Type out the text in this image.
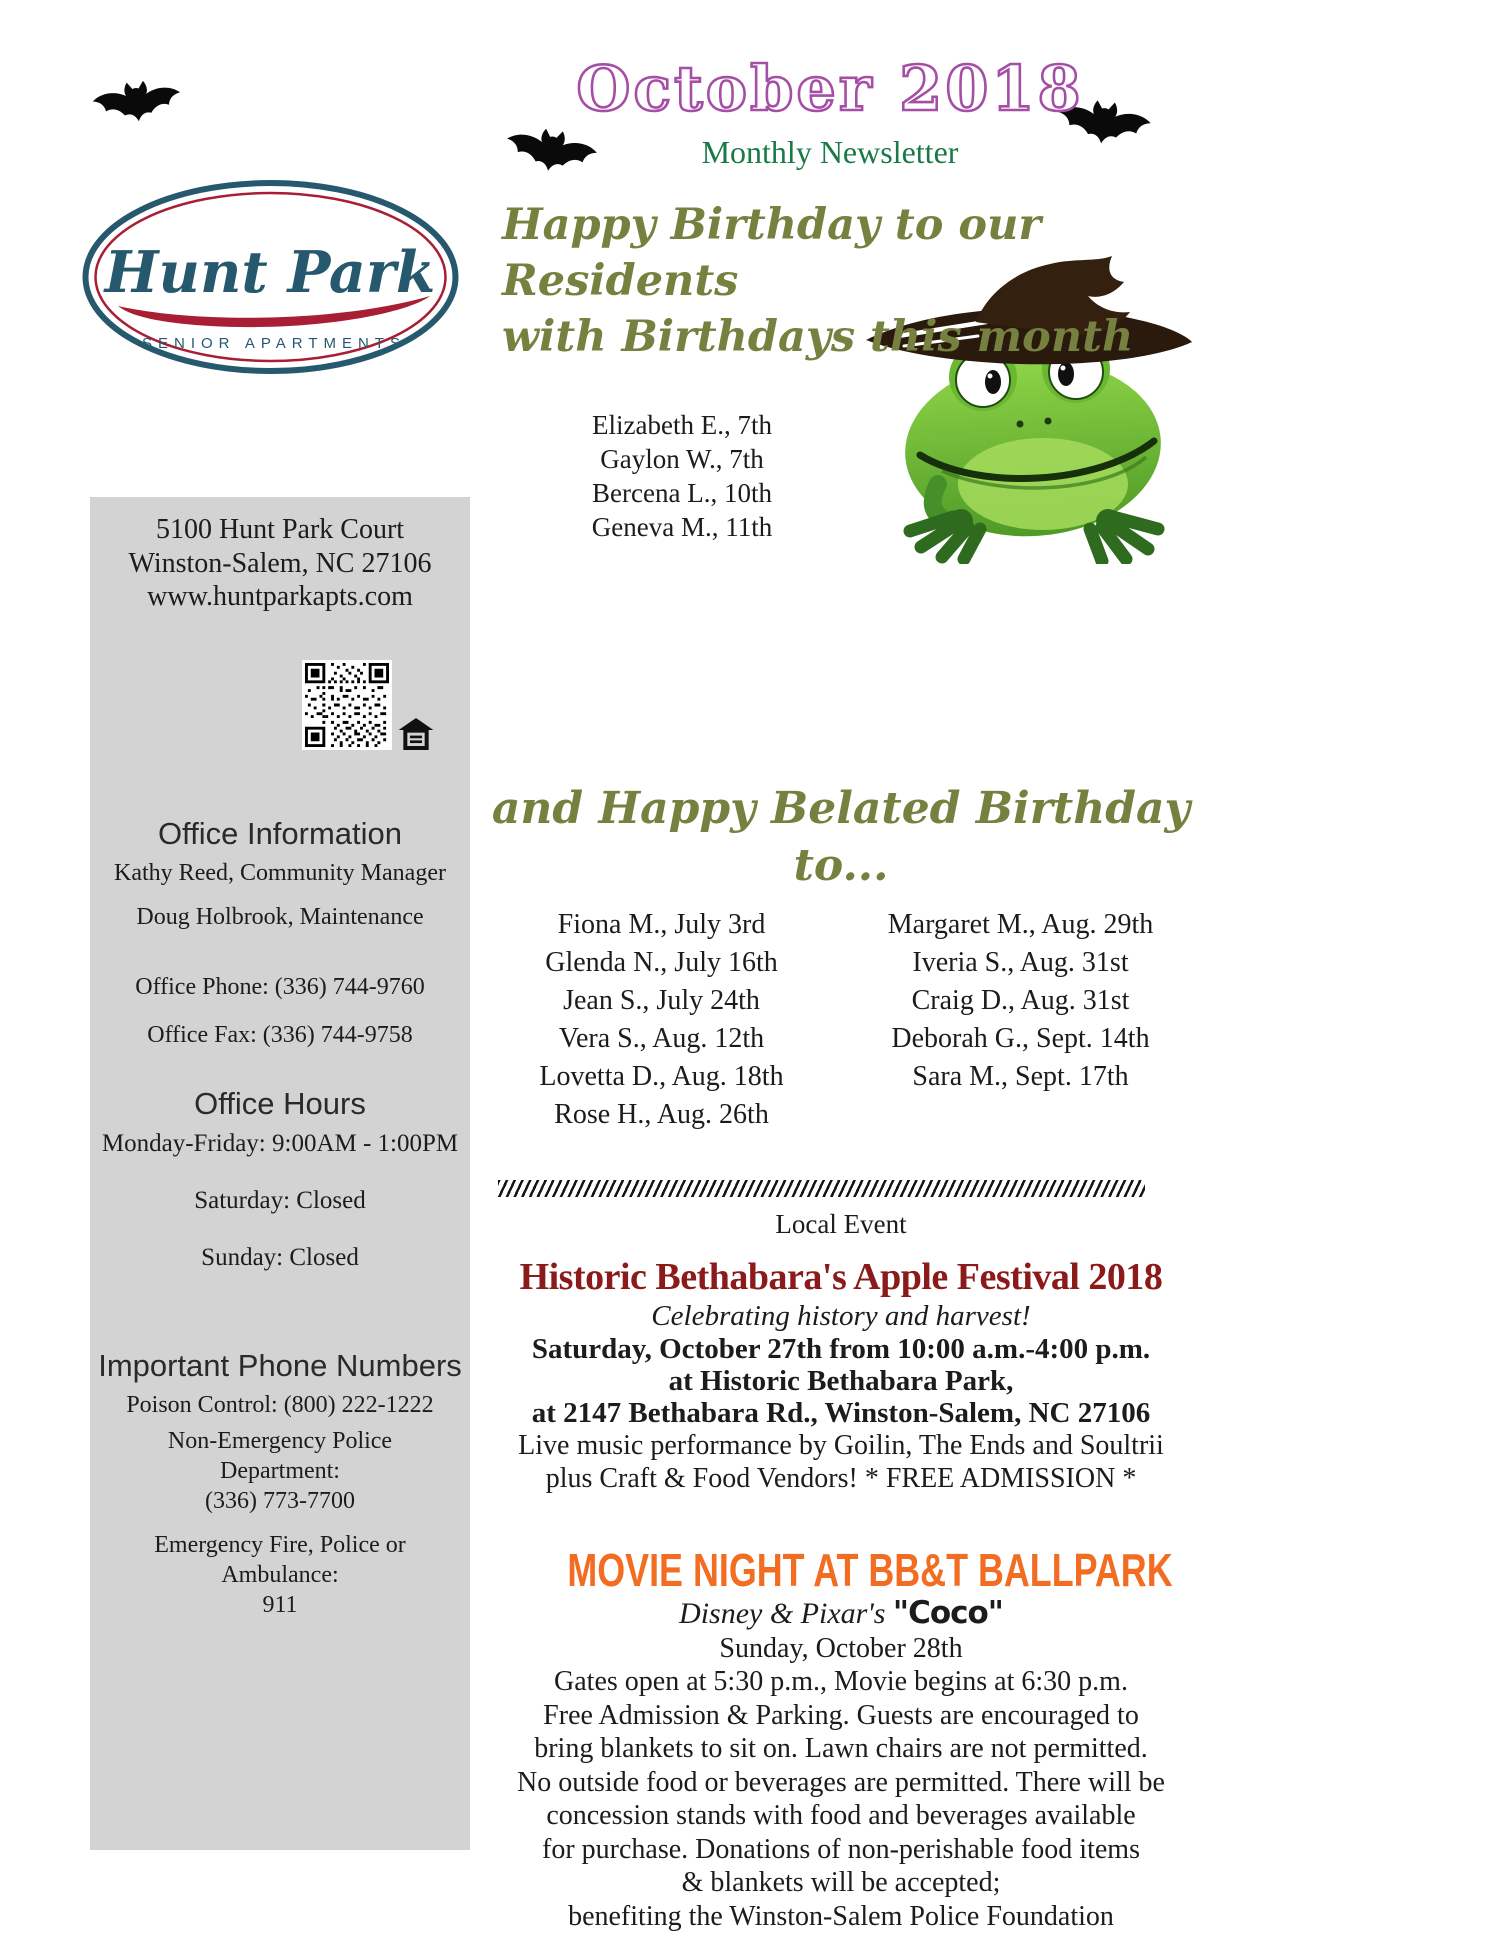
October 2018
Monthly Newsletter
Hunt Park
SENIOR APARTMENTS
5100 Hunt Park Court
Winston-Salem, NC 27106
www.huntparkapts.com
Office Information
Kathy Reed, Community Manager
Doug Holbrook, Maintenance
Office Phone: (336) 744-9760
Office Fax: (336) 744-9758
Office Hours
Monday-Friday: 9:00AM - 1:00PM
Saturday: Closed
Sunday: Closed
Important Phone Numbers
Poison Control: (800) 222-1222
Non-Emergency Police Department:
(336) 773-7700
Emergency Fire, Police or Ambulance:
911
Happy Birthday to our Residents
with Birthdays this month
Elizabeth E., 7th
Gaylon W., 7th
Bercena L., 10th
Geneva M., 11th
and Happy Belated Birthday to...
Fiona M., July 3rd
Glenda N., July 16th
Jean S., July 24th
Vera S., Aug. 12th
Lovetta D., Aug. 18th
Rose H., Aug. 26th
Margaret M., Aug. 29th
Iveria S., Aug. 31st
Craig D., Aug. 31st
Deborah G., Sept. 14th
Sara M., Sept. 17th
Local Event
Historic Bethabara's Apple Festival 2018
Celebrating history and harvest!
Saturday, October 27th from 10:00 a.m.-4:00 p.m.
at Historic Bethabara Park,
at 2147 Bethabara Rd., Winston-Salem, NC 27106
Live music performance by Goilin, The Ends and Soultrii
plus Craft & Food Vendors! * FREE ADMISSION *
MOVIE NIGHT AT BB&T BALLPARK
Disney & Pixar's "Coco"
Sunday, October 28th
Gates open at 5:30 p.m., Movie begins at 6:30 p.m.
Free Admission & Parking. Guests are encouraged to
bring blankets to sit on. Lawn chairs are not permitted.
No outside food or beverages are permitted. There will be
concession stands with food and beverages available
for purchase. Donations of non-perishable food items
& blankets will be accepted;
benefiting the Winston-Salem Police Foundation
